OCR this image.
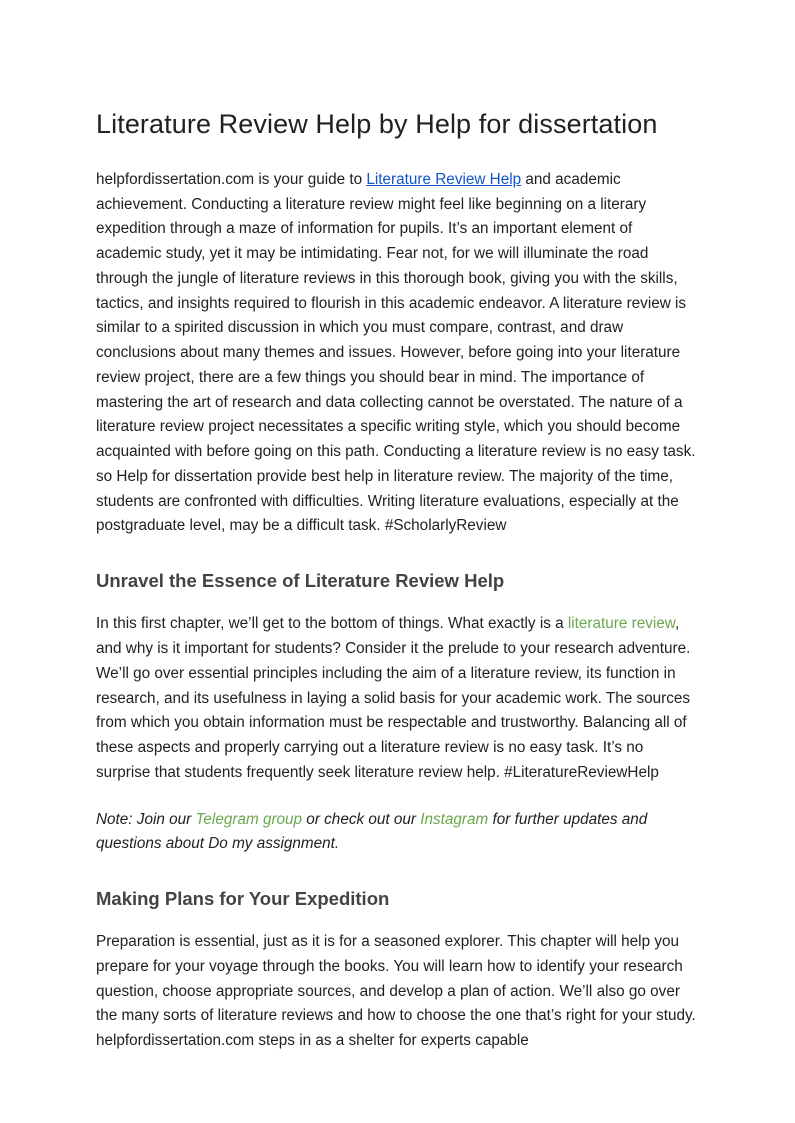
Literature Review Help by Help for dissertation

helpfordissertation.com is your guide to Literature Review Help and academic achievement. Conducting a literature review might feel like beginning on a literary expedition through a maze of information for pupils. It’s an important element of academic study, yet it may be intimidating. Fear not, for we will illuminate the road through the jungle of literature reviews in this thorough book, giving you with the skills, tactics, and insights required to flourish in this academic endeavor. A literature review is similar to a spirited discussion in which you must compare, contrast, and draw conclusions about many themes and issues. However, before going into your literature review project, there are a few things you should bear in mind. The importance of mastering the art of research and data collecting cannot be overstated. The nature of a literature review project necessitates a specific writing style, which you should become acquainted with before going on this path. Conducting a literature review is no easy task. so Help for dissertation provide best help in literature review. The majority of the time, students are confronted with difficulties. Writing literature evaluations, especially at the postgraduate level, may be a difficult task. #ScholarlyReview

Unravel the Essence of Literature Review Help

In this first chapter, we’ll get to the bottom of things. What exactly is a literature review, and why is it important for students? Consider it the prelude to your research adventure. We’ll go over essential principles including the aim of a literature review, its function in research, and its usefulness in laying a solid basis for your academic work. The sources from which you obtain information must be respectable and trustworthy. Balancing all of these aspects and properly carrying out a literature review is no easy task. It’s no surprise that students frequently seek literature review help. #LiteratureReviewHelp

Note: Join our Telegram group or check out our Instagram for further updates and questions about Do my assignment.

Making Plans for Your Expedition

Preparation is essential, just as it is for a seasoned explorer. This chapter will help you prepare for your voyage through the books. You will learn how to identify your research question, choose appropriate sources, and develop a plan of action. We’ll also go over the many sorts of literature reviews and how to choose the one that’s right for your study. helpfordissertation.com steps in as a shelter for experts capable
